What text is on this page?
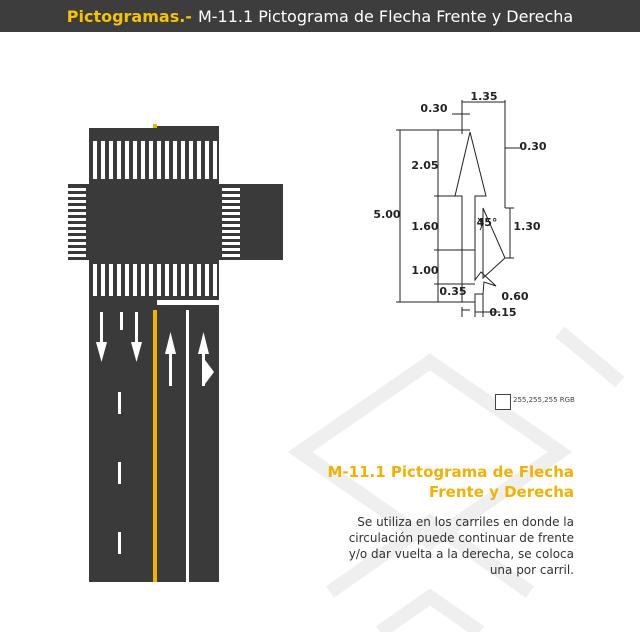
Pictogramas.- M-11.1 Pictograma de Flecha Frente y Derecha
1.35
0.30
0.30
5.00
2.05
1.60
1.00
0.35
45° 1.30
0.60
0.15
255,255,255 RGB
M-11.1 Pictograma de Flecha
Frente y Derecha
Se utiliza en los carriles en donde la circulación puede continuar de frente y/o dar vuelta a la derecha, se coloca una por carril.
